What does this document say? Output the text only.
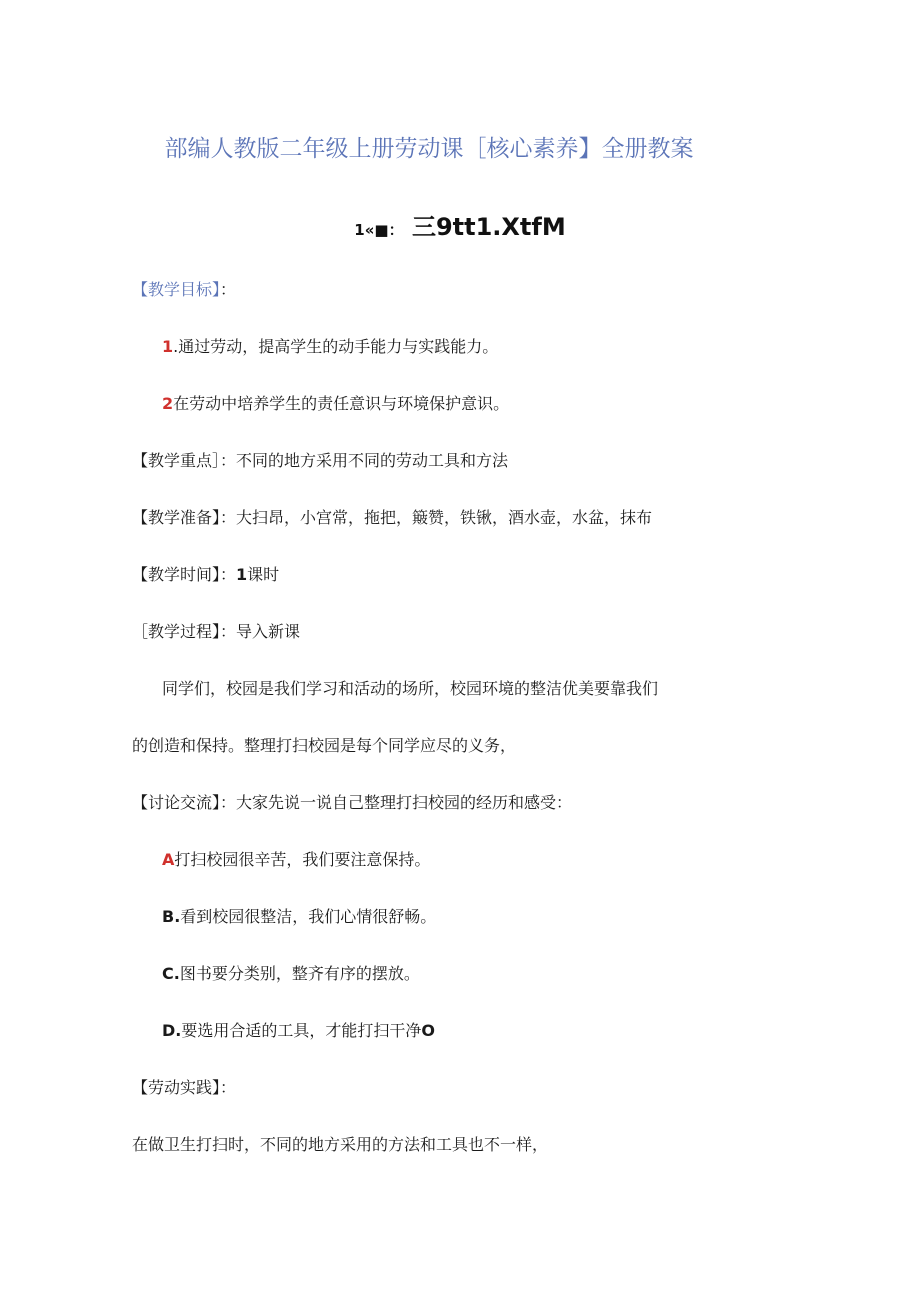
部编人教版二年级上册劳动课［核心素养】全册教案
1«■： 三9tt1.XtfM
【教学目标】：
1.通过劳动，提高学生的动手能力与实践能力。
2在劳动中培养学生的责任意识与环境保护意识。
【教学重点］：不同的地方采用不同的劳动工具和方法
【教学准备】：大扫昂，小宫常，拖把，簸赞，铁锹，酒水壶，水盆，抹布
【教学时间】：1课时
［教学过程】：导入新课
同学们，校园是我们学习和活动的场所，校园环境的整洁优美要靠我们
的创造和保持。整理打扫校园是每个同学应尽的义务，
【讨论交流】：大家先说一说自己整理打扫校园的经历和感受：
A打扫校园很辛苦，我们要注意保持。
B.看到校园很整洁，我们心情很舒畅。
C.图书要分类别，整齐有序的摆放。
D.要选用合适的工具，才能打扫干净O
【劳动实践】：
在做卫生打扫时，不同的地方采用的方法和工具也不一样，
